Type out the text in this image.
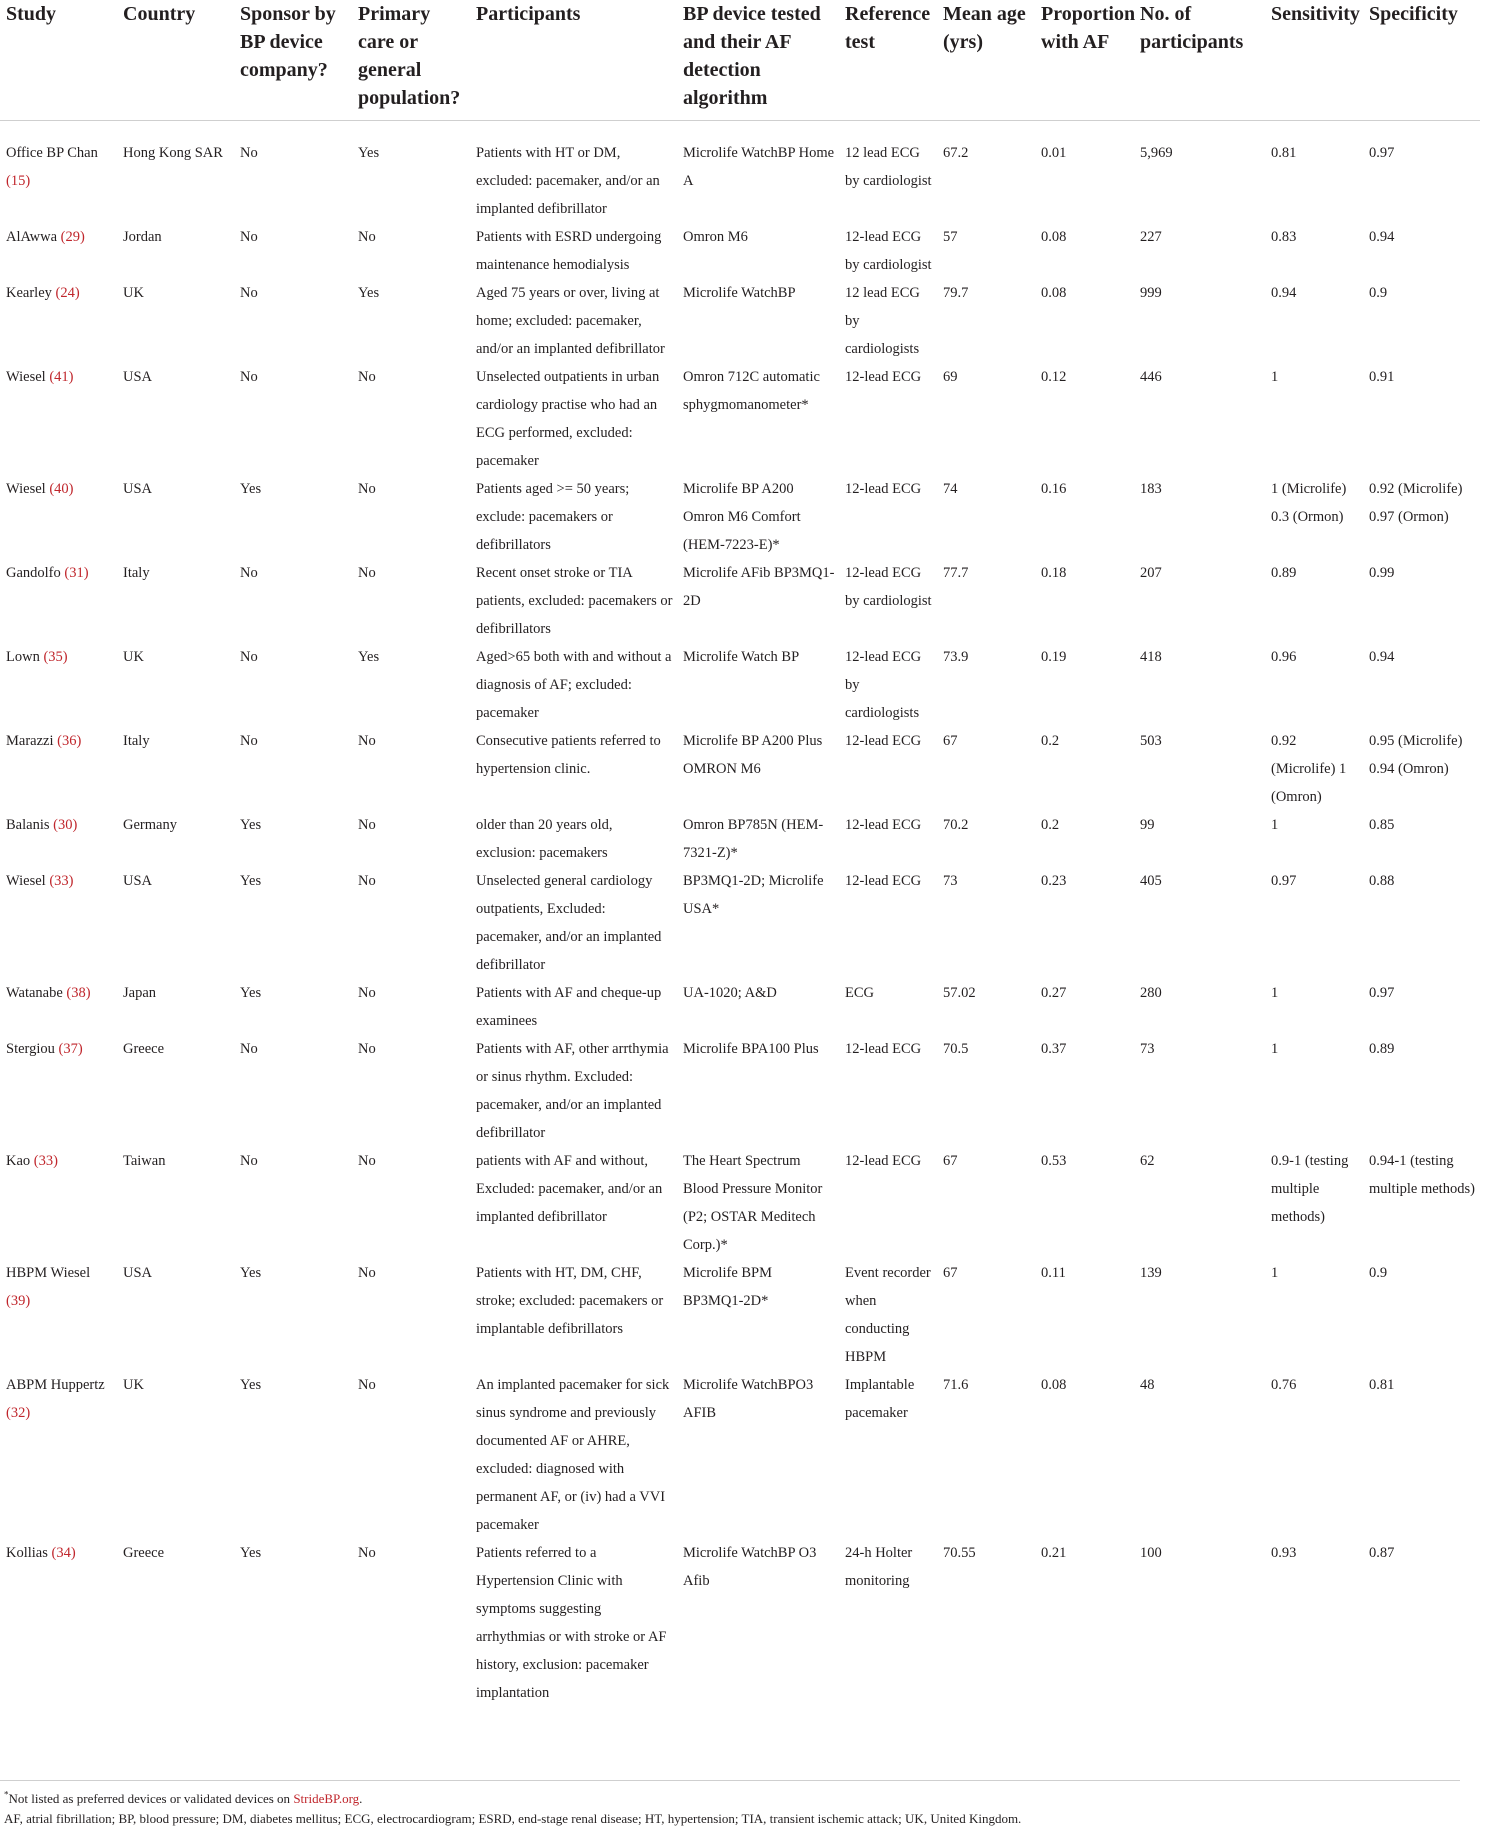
Study	Country	Sponsor by BP device company?	Primary care or general population?	Participants	BP device tested and their AF detection algorithm	Reference test	Mean age (yrs)	Proportion with AF	No. of participants	Sensitivity	Specificity

Office BP Chan (15)	Hong Kong SAR	No	Yes	Patients with HT or DM, excluded: pacemaker, and/or an implanted defibrillator	Microlife WatchBP Home A	12 lead ECG by cardiologist	67.2	0.01	5,969	0.81	0.97
AlAwwa (29)	Jordan	No	No	Patients with ESRD undergoing maintenance hemodialysis	Omron M6	12-lead ECG by cardiologist	57	0.08	227	0.83	0.94
Kearley (24)	UK	No	Yes	Aged 75 years or over, living at home; excluded: pacemaker, and/or an implanted defibrillator	Microlife WatchBP	12 lead ECG by cardiologists	79.7	0.08	999	0.94	0.9
Wiesel (41)	USA	No	No	Unselected outpatients in urban cardiology practise who had an ECG performed, excluded: pacemaker	Omron 712C automatic sphygmomanometer*	12-lead ECG	69	0.12	446	1	0.91
Wiesel (40)	USA	Yes	No	Patients aged >= 50 years; exclude: pacemakers or defibrillators	Microlife BP A200 Omron M6 Comfort (HEM-7223-E)*	12-lead ECG	74	0.16	183	1 (Microlife) 0.3 (Ormon)	0.92 (Microlife) 0.97 (Ormon)
Gandolfo (31)	Italy	No	No	Recent onset stroke or TIA patients, excluded: pacemakers or defibrillators	Microlife AFib BP3MQ1-2D	12-lead ECG by cardiologist	77.7	0.18	207	0.89	0.99
Lown (35)	UK	No	Yes	Aged>65 both with and without a diagnosis of AF; excluded: pacemaker	Microlife Watch BP	12-lead ECG by cardiologists	73.9	0.19	418	0.96	0.94
Marazzi (36)	Italy	No	No	Consecutive patients referred to hypertension clinic.	Microlife BP A200 Plus OMRON M6	12-lead ECG	67	0.2	503	0.92 (Microlife) 1 (Omron)	0.95 (Microlife) 0.94 (Omron)
Balanis (30)	Germany	Yes	No	older than 20 years old, exclusion: pacemakers	Omron BP785N (HEM-7321-Z)*	12-lead ECG	70.2	0.2	99	1	0.85
Wiesel (33)	USA	Yes	No	Unselected general cardiology outpatients, Excluded: pacemaker, and/or an implanted defibrillator	BP3MQ1-2D; Microlife USA*	12-lead ECG	73	0.23	405	0.97	0.88
Watanabe (38)	Japan	Yes	No	Patients with AF and cheque-up examinees	UA-1020; A&D	ECG	57.02	0.27	280	1	0.97
Stergiou (37)	Greece	No	No	Patients with AF, other arrthymia or sinus rhythm. Excluded: pacemaker, and/or an implanted defibrillator	Microlife BPA100 Plus	12-lead ECG	70.5	0.37	73	1	0.89
Kao (33)	Taiwan	No	No	patients with AF and without, Excluded: pacemaker, and/or an implanted defibrillator	The Heart Spectrum Blood Pressure Monitor (P2; OSTAR Meditech Corp.)*	12-lead ECG	67	0.53	62	0.9-1 (testing multiple methods)	0.94-1 (testing multiple methods)
HBPM Wiesel (39)	USA	Yes	No	Patients with HT, DM, CHF, stroke; excluded: pacemakers or implantable defibrillators	Microlife BPM BP3MQ1-2D*	Event recorder when conducting HBPM	67	0.11	139	1	0.9
ABPM Huppertz (32)	UK	Yes	No	An implanted pacemaker for sick sinus syndrome and previously documented AF or AHRE, excluded: diagnosed with permanent AF, or (iv) had a VVI pacemaker	Microlife WatchBPO3 AFIB	Implantable pacemaker	71.6	0.08	48	0.76	0.81
Kollias (34)	Greece	Yes	No	Patients referred to a Hypertension Clinic with symptoms suggesting arrhythmias or with stroke or AF history, exclusion: pacemaker implantation	Microlife WatchBP O3 Afib	24-h Holter monitoring	70.55	0.21	100	0.93	0.87

*Not listed as preferred devices or validated devices on StrideBP.org.

AF, atrial fibrillation; BP, blood pressure; DM, diabetes mellitus; ECG, electrocardiogram; ESRD, end-stage renal disease; HT, hypertension; TIA, transient ischemic attack; UK, United Kingdom.
